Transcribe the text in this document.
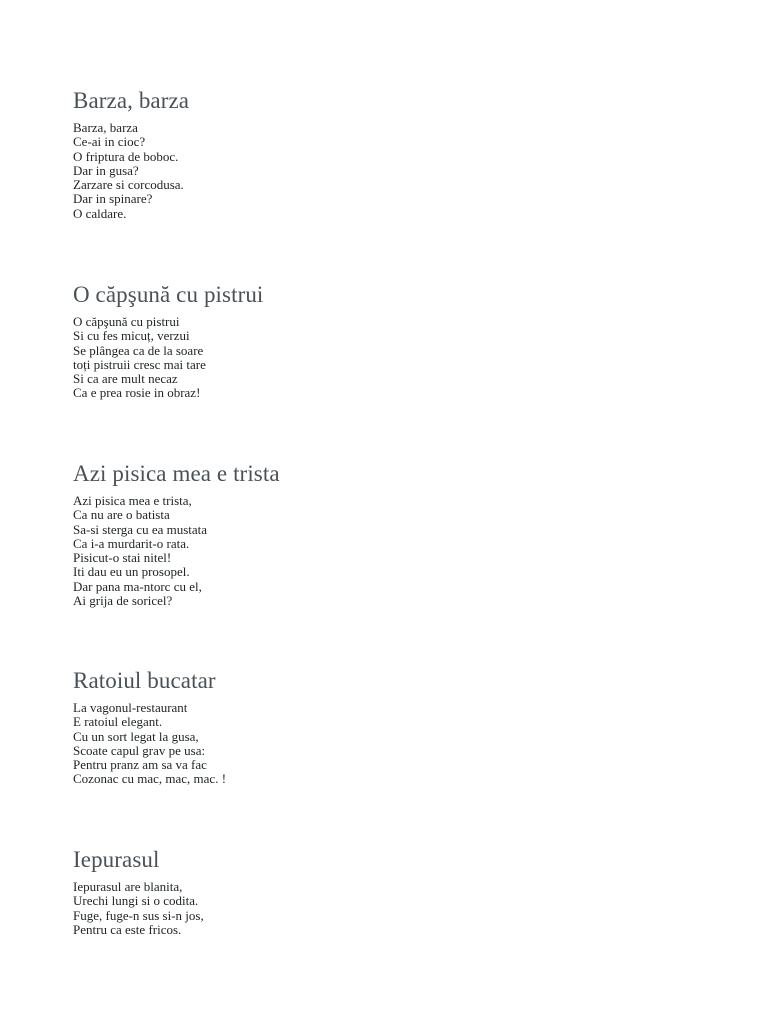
Barza, barza
Barza, barza
Ce-ai in cioc?
O friptura de boboc.
Dar in gusa?
Zarzare si corcodusa.
Dar in spinare?
O caldare.
O căpşună cu pistrui
O căpşună cu pistrui
Si cu fes micuț, verzui
Se plângea ca de la soare
toți pistruii cresc mai tare
Si ca are mult necaz
Ca e prea rosie in obraz!
Azi pisica mea e trista
Azi pisica mea e trista,
Ca nu are o batista
Sa-si sterga cu ea mustata
Ca i-a murdarit-o rata.
Pisicut-o stai nitel!
Iti dau eu un prosopel.
Dar pana ma-ntorc cu el,
Ai grija de soricel?
Ratoiul bucatar
La vagonul-restaurant
E ratoiul elegant.
Cu un sort legat la gusa,
Scoate capul grav pe usa:
Pentru pranz am sa va fac
Cozonac cu mac, mac, mac. !
Iepurasul
Iepurasul are blanita,
Urechi lungi si o codita.
Fuge, fuge-n sus si-n jos,
Pentru ca este fricos.
